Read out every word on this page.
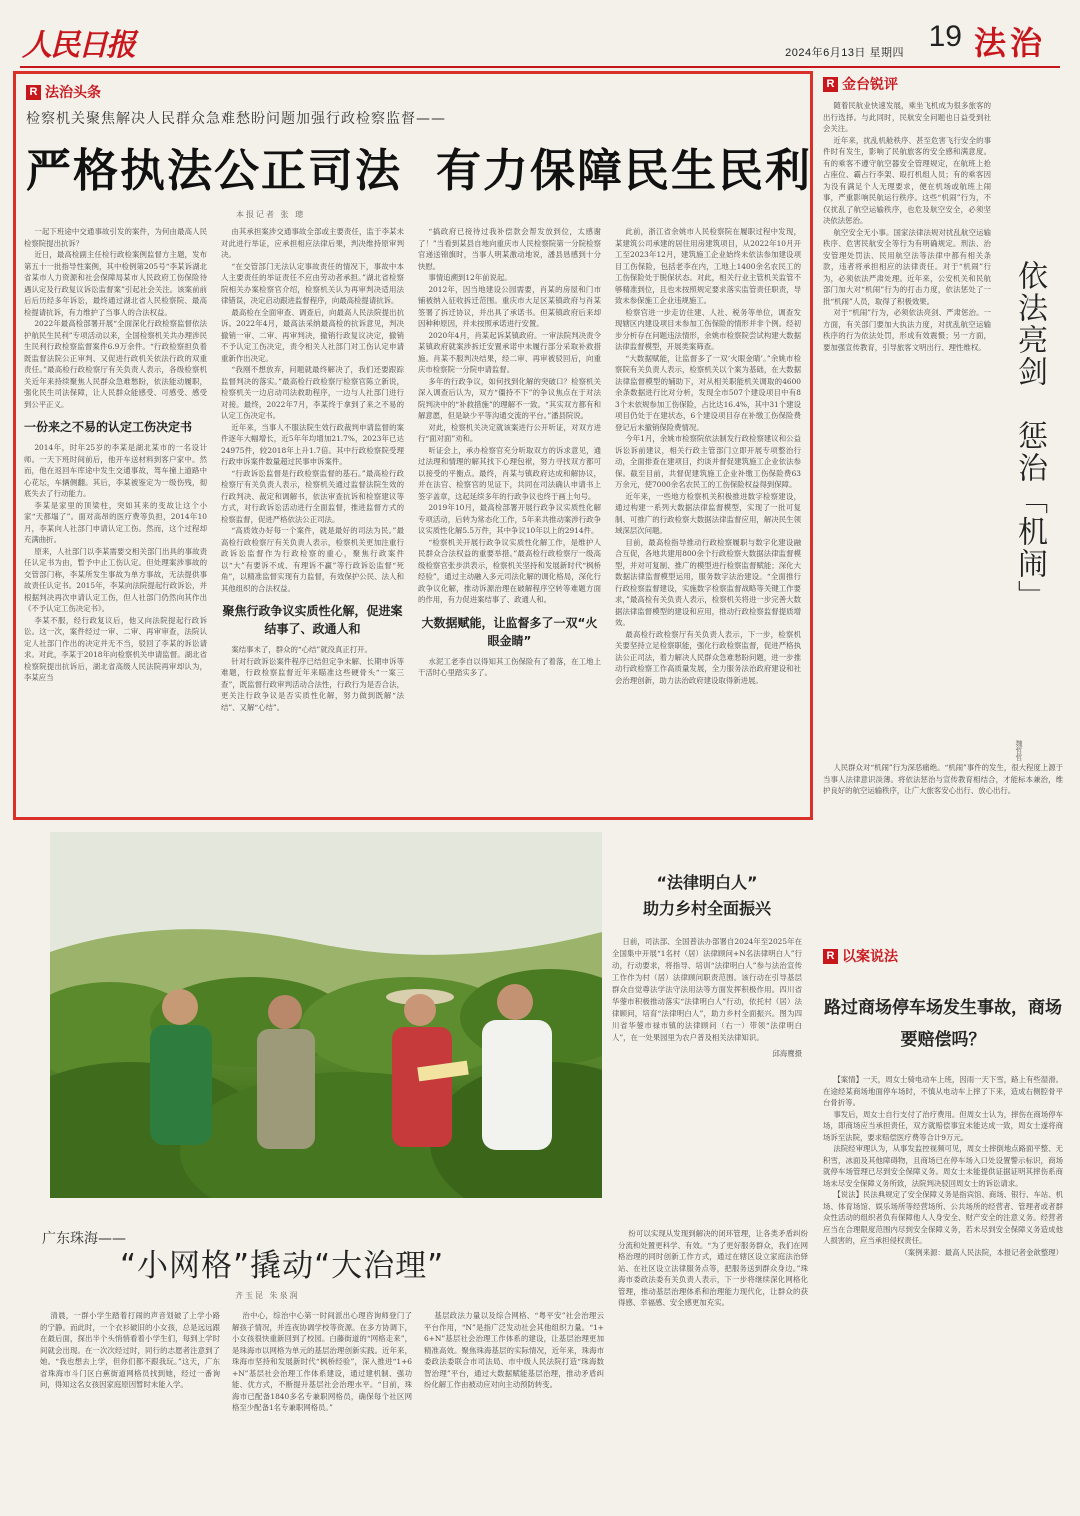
人民日报	2024年6月13日 星期四 19 法治
R 法治头条
检察机关聚焦解决人民群众急难愁盼问题加强行政检察监督——
严格执法公正司法 有力保障民生民利
本报记者 张 璁

一起下班途中交通事故引发的案件，为何由最高人民检察院提出抗诉？

近日，最高检副主任检行政检案例监督方主题，发布第五十一批指导性案例，其中检例第205号“李某诉湖北省某市人力资源和社会保障局某市人民政府工伤保险待遇认定及行政复议诉讼监督案”引起社会关注。该案前前后后历经多年诉讼，最终通过湖北省人民检察院、最高检提请抗诉，有力维护了当事人的合法权益。

2022年最高检部署开展“全面深化行政检察监督依法护航民生民利”专项活动以来，全国检察机关共办理涉民生民利行政检察监督案件6.9万余件。“行政检察担负着既监督法院公正审判、又促进行政机关依法行政的双重责任。”最高检行政检察厅有关负责人表示，各级检察机关近年来持续聚焦人民群众急难愁盼，依法能动履职，强化民生司法保障，让人民群众能感受、可感受、感受到公平正义。

一份来之不易的认定工伤决定书

2014年，时年25岁的李某是湖北某市的一名设计师。一天下班时间前后，他开车送材料到客户家中。然而，他在返回车库途中发生交通事故，驾车撞上道路中心花坛，车辆侧翻。其后，李某被鉴定为一级伤残，彻底失去了行动能力。

李某是家里的顶梁柱，突如其来的变故让这个小家“天都塌了”。面对高昂的医疗费等负担，2014年10月，李某向人社部门申请认定工伤。然而，这个过程却充满曲折。

原来，人社部门以李某需要交相关部门出具的事故责任认定书为由，暂予中止工伤认定。但处理案涉事故的交管部门称，李某所发生事故为单方事故，无法提供事故责任认定书。2015年，李某向法院提起行政诉讼，并根据判决再次申请认定工伤，但人社部门仍然向其作出《不予认定工伤决定书》。

李某不服，经行政复议后，他又向法院提起行政诉讼。这一次，案件经过一审、二审、再审审查，法院认定人社部门作出的决定并无不当，驳回了李某的诉讼请求。对此，李某于2018年向检察机关申请监督。湖北省检察院提出抗诉后，湖北省高级人民法院再审却认为，李某应当

由其承担案涉交通事故全部或主要责任，监于李某未对此进行举证，应承担相应法律后果，判决维持原审判决。

“在交管部门无法认定事故责任的情况下，事故中本人主要责任的举证责任不应由劳动者承担。”湖北省检察院相关办案检察官介绍，检察机关认为再审判决适用法律错误，决定启动跟进监督程序，向最高检提请抗诉。

最高检在全面审查、调查后，向最高人民法院提出抗诉。2022年4月，最高法采纳最高检的抗诉意见，判决撤销一审、二审、再审判决，撤销行政复议决定，撤销不予认定工伤决定，责令相关人社部门对工伤认定申请重新作出决定。

“我刚不想放弃，问题就最终解决了，我们还要跟踪监督判决的落实。”最高检行政检察厅检察官陈立新说，检察机关一边启动司法救助程序，一边与人社部门进行对接。最终，2022年7月，李某终于拿到了来之不易的认定工伤决定书。

近年来，当事人不服法院生效行政裁判申请监督的案件逐年大幅增长，近5年年均增加21.7%，2023年已达24975件，较2018年上升1.7倍。其中行政检察院受理行政申诉案件数量超过民事申诉案件。

“行政诉讼监督是行政检察监督的基石。”最高检行政检察厅有关负责人表示，检察机关通过监督法院生效的行政判决、裁定和调解书，依法审查抗诉和检察建议等方式，对行政诉讼活动进行全面监督，推进监督方式的检察监督，促进严格依法公正司法。

“高质效办好每一个案件，就是最好的司法为民。”最高检行政检察厅有关负责人表示，检察机关更加注重行政诉讼监督作为行政检察的重心，聚焦行政案件以“大”有要诉不成、有理诉不赢”等行政诉讼监督“死角”，以精准监督实现有力监督，有效保护公民、法人和其他组织的合法权益。

聚焦行政争议实质性化解，促进案结事了、政通人和

案结事未了，群众的“心结”就没真正打开。

针对行政诉讼案件程序已结但定争未解、长期申诉等难题，行政检察监督近年来瞄准这些硬骨头“一案三查”，既监督行政审判活动合法性，行政行为是否合法，更关注行政争议是否实质性化解，努力做到既解“法结”、又解“心结”。

“搞政府已接待过我补偿款会帮发放到位，太感谢了！”当看到某县自地向重庆市人民检察院第一分院检察官递送锦旗时，当事人明某激动地说，潘县恳感到十分快慰。

事情追溯到12年前说起。

2012年，因当地建设公园需要，肖某的房屋和门市铺被纳入征收拆迁范围。重庆市大足区某镇政府与肖某签署了拆迁协议，并出具了承诺书。但某镇政府后来却因种种原因，并未按照承诺进行安置。

2020年4月，肖某起诉某镇政府。一审法院判决责令某镇政府就案涉拆迁安置承诺中未履行部分采取补救措施。肖某不服判决结果，经二审、再审被驳回后，向重庆市检察院一分院申请监督。

多年的行政争议，如何找到化解的突破口？检察机关深入调查后认为，双方“僵持不下”的争议焦点在于对法院判决中的“补救措施”的理解不一致。“其实双方都有和解意愿，但是缺少平等沟通交流的平台。”潘县院说。

对此，检察机关决定就该案进行公开听证，对双方进行“面对面”劝和。

听证会上，承办检察官充分听取双方的诉求意见，通过法理和情理的解其找下心理包袱，努力寻找双方都可以接受的平衡点。最终，肖某与镇政府达成和解协议，并在法官、检察官的见证下，共同在司法确认申请书上签字盖章，这起延续多年的行政争议也终于画上句号。

2019年10月，最高检部署开展行政争议实质性化解专项活动，后转为常态化工作，5年来共推动案涉行政争议实质性化解5.5万件，其中争议10年以上的2914件。

“检察机关开展行政争议实质性化解工作，是维护人民群众合法权益的重要举措。”最高检行政检察厅一级高级检察官张步洪表示，检察机关坚持和发展新时代“枫桥经验”，通过主动融入多元司法化解的调化格局，深化行政争议化解，推动诉源治理在破解程序空转等难题方面的作用，有力促进案结事了、政通人和。

大数据赋能，让监督多了一双“火眼金睛”

水泥工老李自以得知其工伤保险有了着落，在工地上干活时心里踏实多了。

此前，浙江省余姚市人民检察院在履职过程中发现，某建筑公司承建的居住用房建筑项目，从2022年10月开工至2023年12月，建筑施工企业始终未依法参加建设项目工伤保险，包括老李在内，工地上1400余名农民工的工伤保险处于脱保状态。对此，相关行业主管机关监管不够精准到位，且也未按照规定要求落实监管责任职责，导致未参保施工企业违规施工。

检察官进一步走访住建、人社、税务等单位，调查发现辖区内建设项目未参加工伤保险的情形并非个例。经初步分析存在问题违法情形，余姚市检察院尝试构建大数据法律监督模型，开展类案筛查。

“大数据赋能，让监督多了一双‘火眼金睛’。”余姚市检察院有关负责人表示，检察机关以个案为基础，在大数据法律监督模型的辅助下，对从相关职能机关调取的4600余条数据进行比对分析，发现全市507个建设项目中有83个未依规参加工伤保险，占比达16.4%，其中31个建设项目仍处于在建状态，6个建设项目存在补缴工伤保险费登记后未撤销保险费情况。

今年1月，余姚市检察院依法制发行政检察建议和公益诉讼诉前建议，相关行政主管部门立即开展专项整治行动，全面排查在建项目，约谈并督促建筑施工企业依法参保。截至目前，共督促建筑施工企业补缴工伤保险费63万余元，使7000余名农民工的工伤保险权益得到保障。

近年来，一些地方检察机关积极推进数字检察建设，通过构建一系列大数据法律监督模型，实现了一批可复制、可推广的行政检察大数据法律监督应用，解决民生领域深层次问题。

目前，最高检指导推动行政检察履职与数字化建设融合互促，各地共建用800余个行政检察大数据法律监督模型，并对可复制、推广的模型进行检察监督赋能；深化大数据法律监督模型运用，服务数字法治建设。“全面推行行政检察监督建设，实施数字检察监督战略等关键工作要求，”最高检有关负责人表示，检察机关将进一步完善大数据法律监督模型的建设和应用，推动行政检察监督提质增效。

最高检行政检察厅有关负责人表示，下一步，检察机关要坚持立足检察职能，强化行政检察监督，促进严格执法公正司法，着力解决人民群众急难愁盼问题，进一步推动行政检察工作高质量发展，全力服务法治政府建设和社会治理创新，助力法治政府建设取得新进展。

R 金台锐评

随着民航业快速发展，乘坐飞机成为很多旅客的出行选择。与此同时，民航安全问题也日益受到社会关注。

近年来，扰乱机舱秩序、甚至危害飞行安全的事件时有发生，影响了民航旅客的安全感和满意度。有的乘客不遵守航空器安全管理规定，在航班上抢占座位、霸占行李架、殴打机组人员；有的乘客因为没有满足个人无理要求，便在机场或航班上闹事，严重影响民航运行秩序。这些“机闹”行为，不仅扰乱了航空运输秩序，也危及航空安全，必须坚决依法惩治。

航空安全无小事。国家法律法规对扰乱航空运输秩序、危害民航安全等行为有明确规定。刑法、治安管理处罚法、民用航空法等法律中都有相关条款，违者将承担相应的法律责任。对于“机闹”行为，必须依法严肃处理。近年来，公安机关和民航部门加大对“机闹”行为的打击力度，依法惩处了一批“机闹”人员，取得了积极效果。

对于“机闹”行为，必须依法亮剑、严肃惩治。一方面，有关部门要加大执法力度，对扰乱航空运输秩序的行为依法处罚，形成有效震慑；另一方面，要加强宣传教育，引导旅客文明出行、理性维权。 依法亮剑　惩治「机闹」
魏哲哲

人民群众对“机闹”行为深恶痛绝。“机闹”事件的发生，很大程度上源于当事人法律意识淡薄。将依法惩治与宣传教育相结合，才能标本兼治，维护良好的航空运输秩序，让广大旅客安心出行、放心出行。

R 以案说法
路过商场停车场发生事故，商场要赔偿吗？

【案情】一天，周女士骑电动车上班，因雨一天下雪，路上有些湿滑。在途经某商场地面停车场时，不慎从电动车上摔了下来，造成右侧腔骨平台骨折等。

事发后，周女士自行支付了治疗费用。但周女士认为，摔伤在商场停车场，即商场应当承担责任，双方就赔偿事宜未能达成一致，周女士遂将商场诉至法院，要求赔偿医疗费等合计9万元。

法院经审理认为，从事发监控视频可见，周女士摔倒地点路面平整、无积雪，冰面及其他障碍物，且商场已在停车场入口处设置警示标识，商场就停车场管理已尽到安全保障义务。周女士未能提供证据证明其摔伤系商场未尽安全保障义务所致，法院判决驳回周女士的诉讼请求。

【说法】民法典规定了安全保障义务是指宾馆、商场、银行、车站、机场、体育场馆、娱乐场所等经营场所、公共场所的经营者、管理者或者群众性活动的组织者负有保障他人人身安全、财产安全的注意义务。经营者应当在合理限度范围内尽到安全保障义务，若未尽到安全保障义务造成他人损害的，应当承担侵权责任。

（案例来源：最高人民法院，本报记者金歆整理）

“法律明白人”
助力乡村全面振兴

日前，司法部、全国普法办部署自2024年至2025年在全国集中开展“1名村（居）法律顾问+N名法律明白人”行动，行动要求，将指导、培训“法律明白人”参与法治宣传工作作为村（居）法律顾问职责范围。该行动在引导基层群众自觉尊法学法守法用法等方面发挥积极作用。四川省华蓥市积极推动落实“法律明白人”行动，依托村（居）法律顾问，培育“法律明白人”，助力乡村全面振兴。图为四川省华蓥市禄市镇的法律顾问（右一）带领“法律明白人”，在一处果园里为农户普及相关法律知识。

邱海鹰摄

广东珠海——
“小网格”撬动“大治理”
齐玉昆 朱泉润

清晨，一群小学生踏着打闹的声音划破了上学小路的宁静。而此时，一个衣衫破旧的小女孩，总是远远跟在最后面，探出半个头悄悄看着小学生们，每到上学时间就会出现。在一次次经过时，同行的志愿者注意到了她。“我也想去上学，但你们都不跟我玩。”这天，广东省珠海市斗门区白蕉街道网格员找到她，经过一番询问，得知这名女孩因家庭原因暂时未能入学。

治中心，综治中心第一时间派出心理咨询师登门了解孩子情况，并连夜协调学校等资源。在多方协调下，小女孩很快重新回到了校园。白藤街道的“网格走来”，是珠海市以网格为单元的基层治理创新实践。近年来，珠海市坚持和发展新时代“枫桥经验”，深入推进“1+6+N”基层社会治理工作体系建设，通过建机制、强功能、优方式，不断提升基层社会治理水平。“目前，珠海市已配备1840多名专兼职网格员，确保每个社区网格至少配备1名专兼职网格员。”

基层政法力量以及综合网格、“粤平安”社会治理云平台作用，“N”是指广泛发动社会其他组织力量。“1+6+N”基层社会治理工作体系的建设，让基层治理更加精准高效。聚焦珠海基层的实际情况，近年来，珠海市委政法委联合市司法局、市中级人民法院打造“珠海数智治理”平台，通过大数据赋能基层治理，推动矛盾纠纷化解工作由被动应对向主动预防转变。

纷可以实现从发现到解决的闭环管理，让各类矛盾纠纷分流和处置更科学、有效。“为了更好服务群众，我们在网格治理的同时创新工作方式，通过在辖区设立家庭法治驿站、在社区设立法律服务点等，把服务送到群众身边。”珠海市委政法委有关负责人表示，下一步将继续深化网格化管理，推动基层治理体系和治理能力现代化，让群众的获得感、幸福感、安全感更加充实。
